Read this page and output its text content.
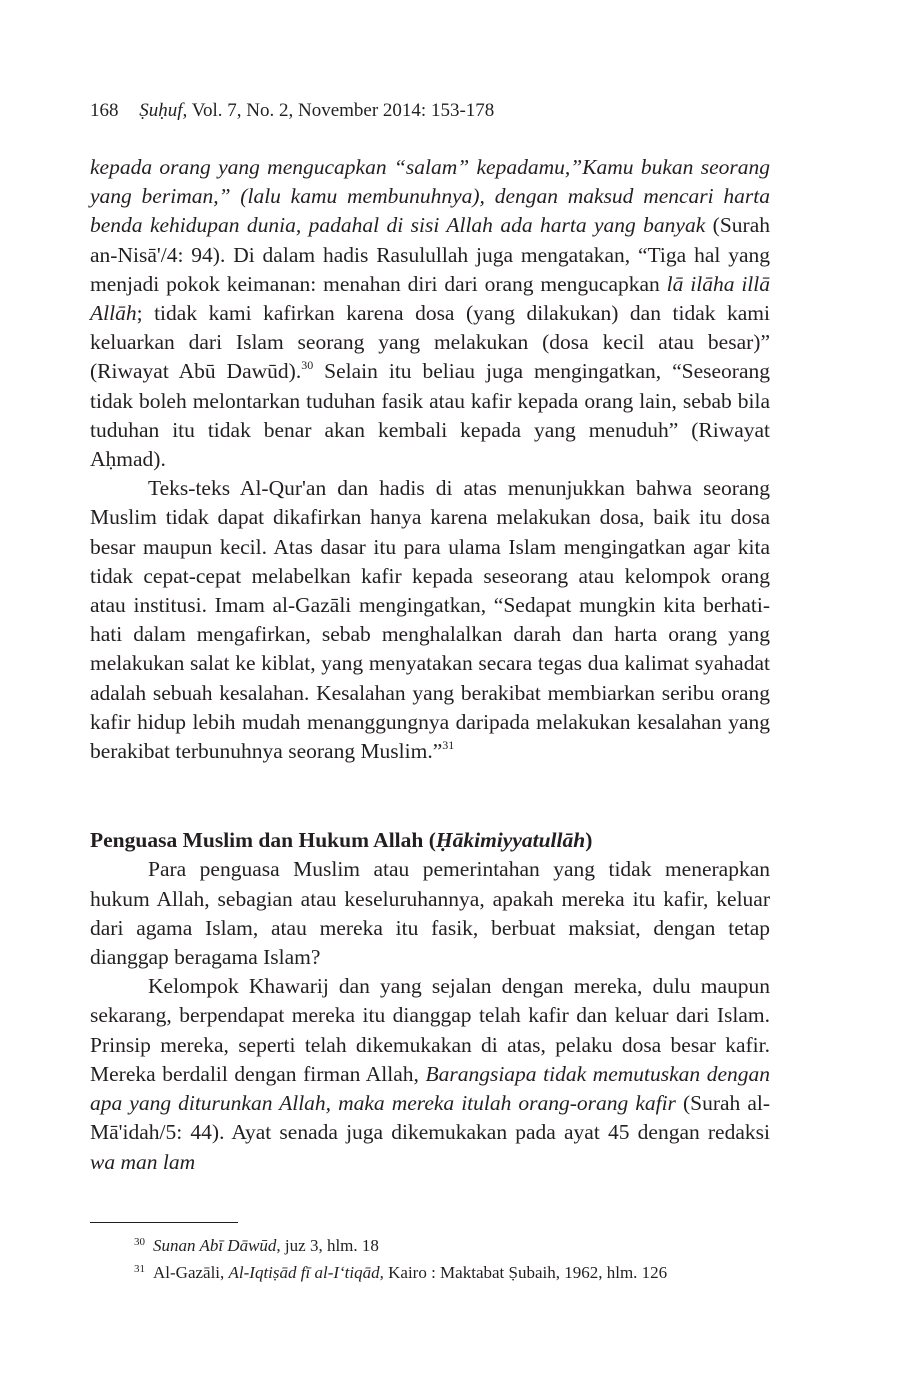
168 Ṣuḥuf, Vol. 7, No. 2, November 2014: 153-178

kepada orang yang mengucapkan “salam” kepadamu,”Kamu bukan seorang yang beriman,” (lalu kamu membunuhnya), dengan maksud mencari harta benda kehidupan dunia, padahal di sisi Allah ada harta yang banyak (Surah an-Nisā'/4: 94). Di dalam hadis Rasulullah juga mengatakan, “Tiga hal yang menjadi pokok keimanan: menahan diri dari orang mengucapkan lā ilāha illā Allāh; tidak kami kafirkan karena dosa (yang dilakukan) dan tidak kami keluarkan dari Islam seorang yang melakukan (dosa kecil atau besar)” (Riwayat Abū Dawūd).$^{30}$ Selain itu beliau juga mengingatkan, “Seseorang tidak boleh melontarkan tuduhan fasik atau kafir kepada orang lain, sebab bila tuduhan itu tidak benar akan kembali kepada yang menuduh” (Riwayat Aḥmad).

Teks-teks Al-Qur'an dan hadis di atas menunjukkan bahwa seorang Muslim tidak dapat dikafirkan hanya karena melakukan dosa, baik itu dosa besar maupun kecil. Atas dasar itu para ulama Islam mengingatkan agar kita tidak cepat-cepat melabelkan kafir kepada seseorang atau kelompok orang atau institusi. Imam al-Gazāli mengingatkan, “Sedapat mungkin kita berhati-hati dalam mengafirkan, sebab menghalalkan darah dan harta orang yang melakukan salat ke kiblat, yang menyatakan secara tegas dua kalimat syahadat adalah sebuah kesalahan. Kesalahan yang berakibat membiarkan seribu orang kafir hidup lebih mudah menanggungnya daripada melakukan kesalahan yang berakibat terbunuhnya seorang Muslim.”$^{31}$

Penguasa Muslim dan Hukum Allah (Ḥākimiyyatullāh)

Para penguasa Muslim atau pemerintahan yang tidak menerapkan hukum Allah, sebagian atau keseluruhannya, apakah mereka itu kafir, keluar dari agama Islam, atau mereka itu fasik, berbuat maksiat, dengan tetap dianggap beragama Islam?

Kelompok Khawarij dan yang sejalan dengan mereka, dulu maupun sekarang, berpendapat mereka itu dianggap telah kafir dan keluar dari Islam. Prinsip mereka, seperti telah dikemukakan di atas, pelaku dosa besar kafir. Mereka berdalil dengan firman Allah, Barangsiapa tidak memutuskan dengan apa yang diturunkan Allah, maka mereka itulah orang-orang kafir (Surah al-Mā'idah/5: 44). Ayat senada juga dikemukakan pada ayat 45 dengan redaksi wa man lam

$^{30}$ Sunan Abī Dāwūd, juz 3, hlm. 18
$^{31}$ Al-Gazāli, Al-Iqtiṣād fī al-I‘tiqād, Kairo : Maktabat Ṣubaih, 1962, hlm. 126
